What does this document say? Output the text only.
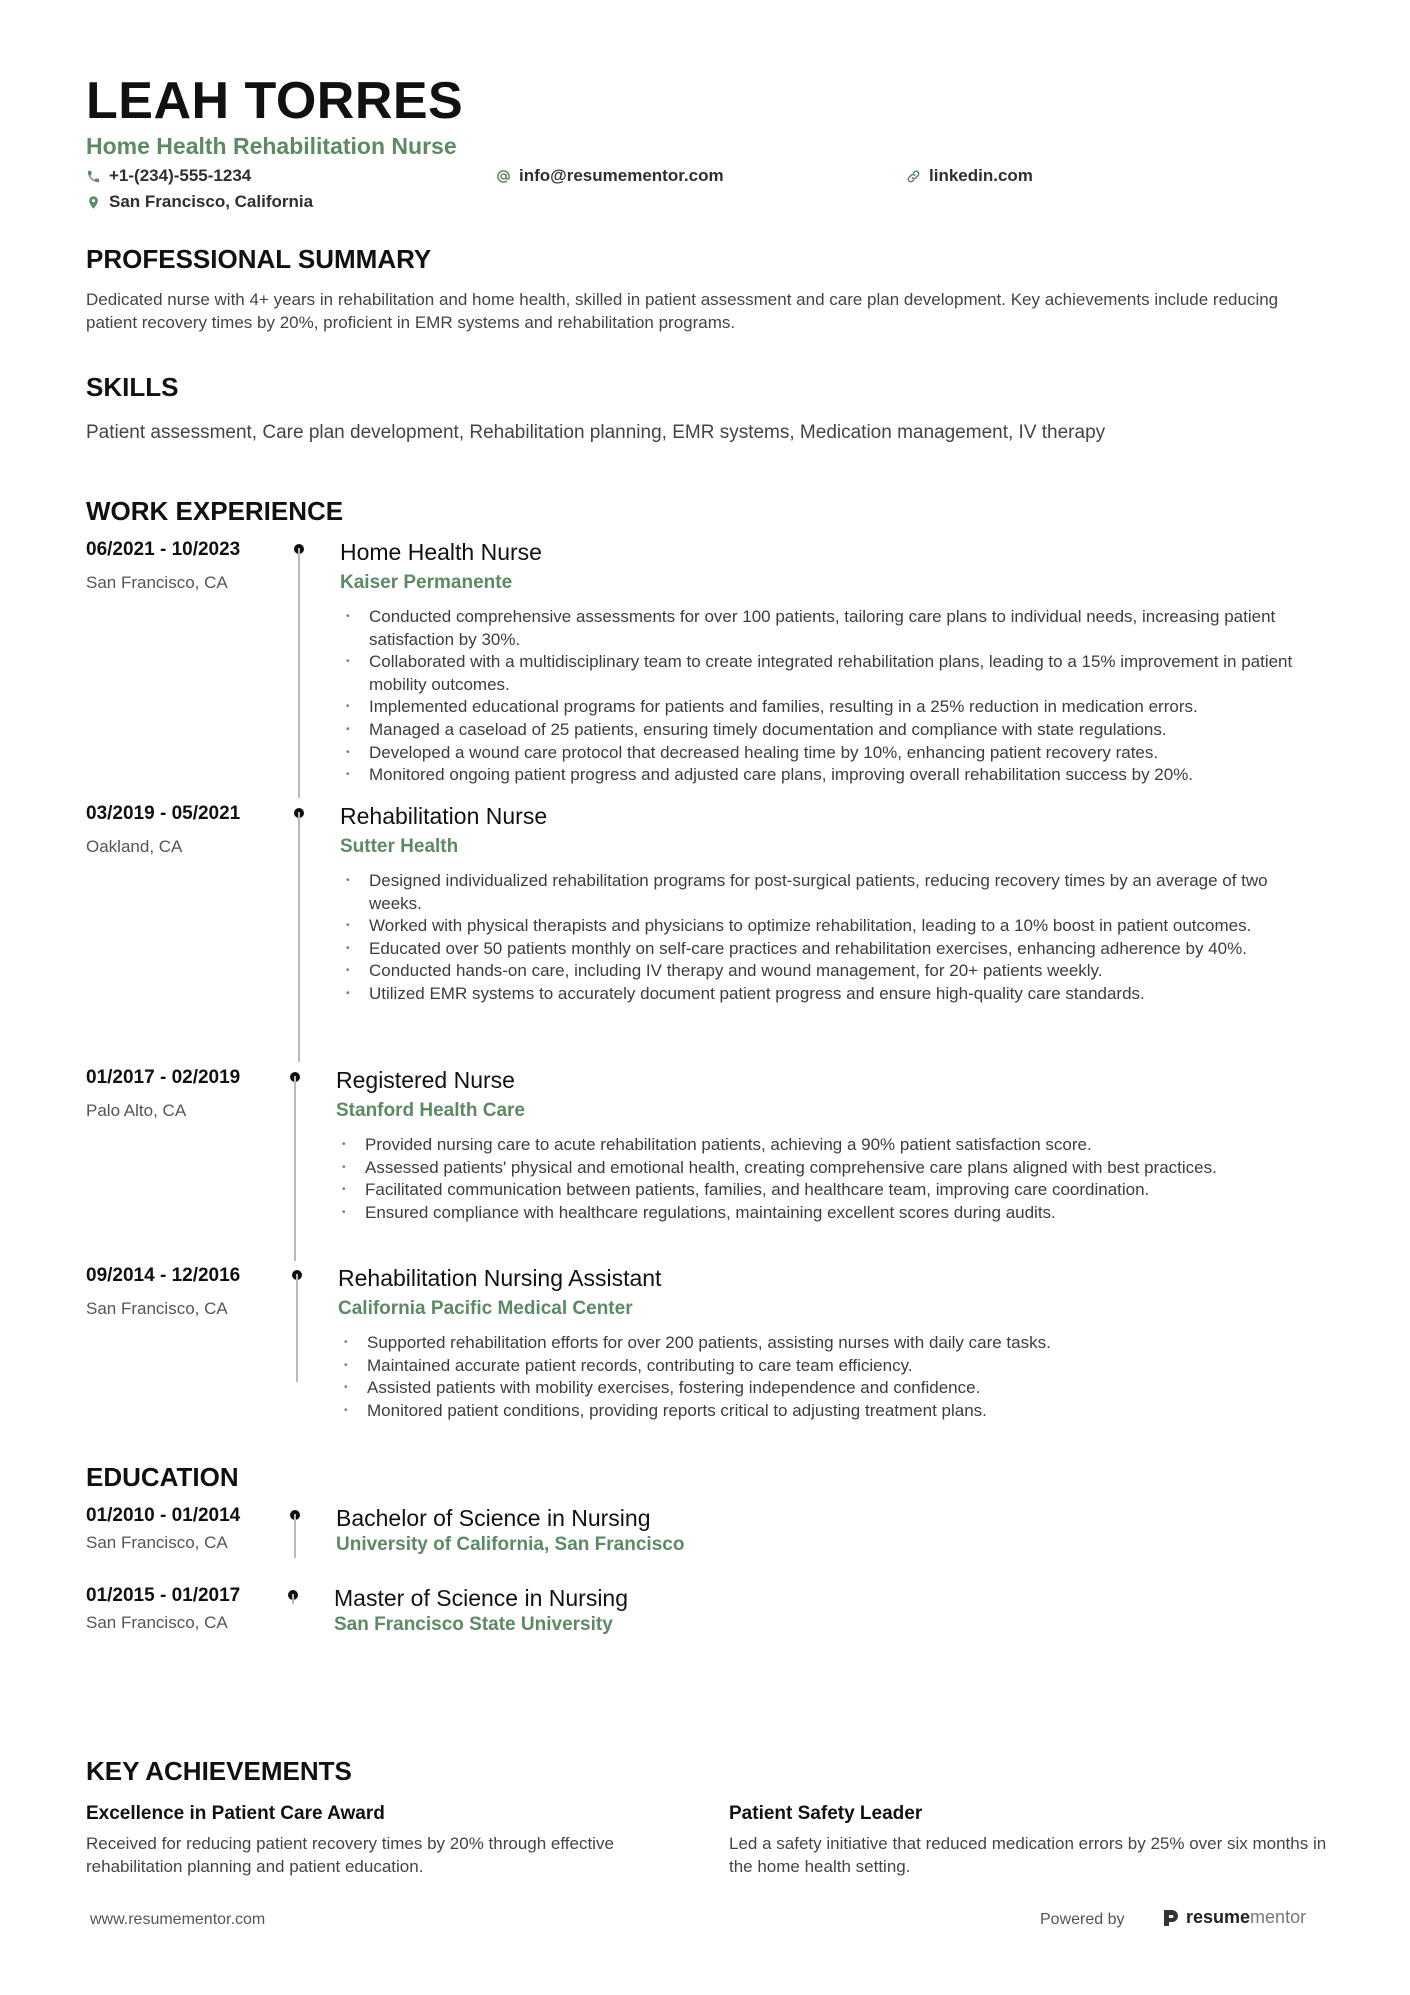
LEAH TORRES
Home Health Rehabilitation Nurse
+1-(234)-555-1234	info@resumementor.com	linkedin.com
San Francisco, California
PROFESSIONAL SUMMARY
Dedicated nurse with 4+ years in rehabilitation and home health, skilled in patient assessment and care plan development. Key achievements include reducing patient recovery times by 20%, proficient in EMR systems and rehabilitation programs.
SKILLS
Patient assessment, Care plan development, Rehabilitation planning, EMR systems, Medication management, IV therapy
WORK EXPERIENCE
06/2021 - 10/2023
San Francisco, CA
Home Health Nurse
Kaiser Permanente
• Conducted comprehensive assessments for over 100 patients, tailoring care plans to individual needs, increasing patient satisfaction by 30%.
• Collaborated with a multidisciplinary team to create integrated rehabilitation plans, leading to a 15% improvement in patient mobility outcomes.
• Implemented educational programs for patients and families, resulting in a 25% reduction in medication errors.
• Managed a caseload of 25 patients, ensuring timely documentation and compliance with state regulations.
• Developed a wound care protocol that decreased healing time by 10%, enhancing patient recovery rates.
• Monitored ongoing patient progress and adjusted care plans, improving overall rehabilitation success by 20%.
03/2019 - 05/2021
Oakland, CA
Rehabilitation Nurse
Sutter Health
• Designed individualized rehabilitation programs for post-surgical patients, reducing recovery times by an average of two weeks.
• Worked with physical therapists and physicians to optimize rehabilitation, leading to a 10% boost in patient outcomes.
• Educated over 50 patients monthly on self-care practices and rehabilitation exercises, enhancing adherence by 40%.
• Conducted hands-on care, including IV therapy and wound management, for 20+ patients weekly.
• Utilized EMR systems to accurately document patient progress and ensure high-quality care standards.
01/2017 - 02/2019
Palo Alto, CA
Registered Nurse
Stanford Health Care
• Provided nursing care to acute rehabilitation patients, achieving a 90% patient satisfaction score.
• Assessed patients' physical and emotional health, creating comprehensive care plans aligned with best practices.
• Facilitated communication between patients, families, and healthcare team, improving care coordination.
• Ensured compliance with healthcare regulations, maintaining excellent scores during audits.
09/2014 - 12/2016
San Francisco, CA
Rehabilitation Nursing Assistant
California Pacific Medical Center
• Supported rehabilitation efforts for over 200 patients, assisting nurses with daily care tasks.
• Maintained accurate patient records, contributing to care team efficiency.
• Assisted patients with mobility exercises, fostering independence and confidence.
• Monitored patient conditions, providing reports critical to adjusting treatment plans.
EDUCATION
01/2010 - 01/2014
San Francisco, CA
Bachelor of Science in Nursing
University of California, San Francisco
01/2015 - 01/2017
San Francisco, CA
Master of Science in Nursing
San Francisco State University
KEY ACHIEVEMENTS
Excellence in Patient Care Award
Received for reducing patient recovery times by 20% through effective rehabilitation planning and patient education.
Patient Safety Leader
Led a safety initiative that reduced medication errors by 25% over six months in the home health setting.
www.resumementor.com	Powered by	resumementor
